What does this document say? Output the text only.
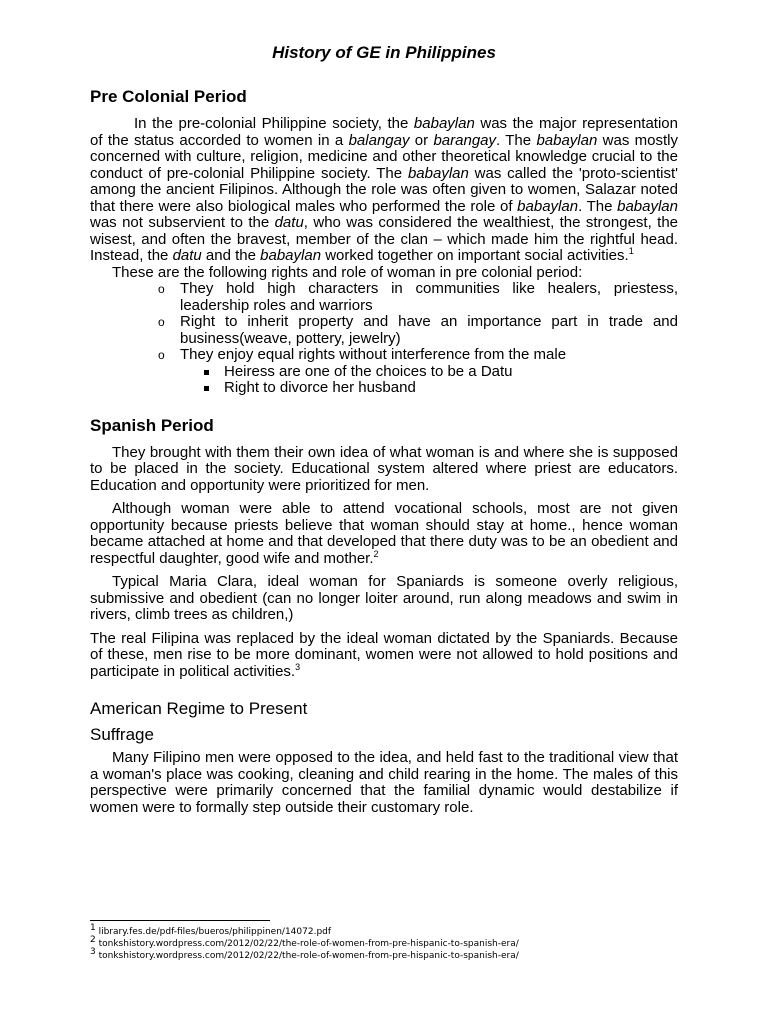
History of GE in Philippines
Pre Colonial Period

In the pre-colonial Philippine society, the babaylan was the major representation of the status accorded to women in a balangay or barangay. The babaylan was mostly concerned with culture, religion, medicine and other theoretical knowledge crucial to the conduct of pre-colonial Philippine society. The babaylan was called the 'proto-scientist' among the ancient Filipinos. Although the role was often given to women, Salazar noted that there were also biological males who performed the role of babaylan. The babaylan was not subservient to the datu, who was considered the wealthiest, the strongest, the wisest, and often the bravest, member of the clan – which made him the rightful head. Instead, the datu and the babaylan worked together on important social activities.$^1$

These are the following rights and role of woman in pre colonial period:

o They hold high characters in communities like healers, priestess, leadership roles and warriors
o Right to inherit property and have an importance part in trade and business(weave, pottery, jewelry)
o They enjoy equal rights without interference from the male
Heiress are one of the choices to be a Datu
Right to divorce her husband
Spanish Period

They brought with them their own idea of what woman is and where she is supposed to be placed in the society. Educational system altered where priest are educators. Education and opportunity were prioritized for men.

Although woman were able to attend vocational schools, most are not given opportunity because priests believe that woman should stay at home., hence woman became attached at home and that developed that there duty was to be an obedient and respectful daughter, good wife and mother.$^2$

Typical Maria Clara, ideal woman for Spaniards is someone overly religious, submissive and obedient (can no longer loiter around, run along meadows and swim in rivers, climb trees as children,)

The real Filipina was replaced by the ideal woman dictated by the Spaniards. Because of these, men rise to be more dominant, women were not allowed to hold positions and participate in political activities.$^3$

American Regime to Present
Suffrage

Many Filipino men were opposed to the idea, and held fast to the traditional view that a woman's place was cooking, cleaning and child rearing in the home. The males of this perspective were primarily concerned that the familial dynamic would destabilize if women were to formally step outside their customary role.

$^1$ library.fes.de/pdf-files/bueros/philippinen/14072.pdf
$^2$ tonkshistory.wordpress.com/2012/02/22/the-role-of-women-from-pre-hispanic-to-spanish-era/
$^3$ tonkshistory.wordpress.com/2012/02/22/the-role-of-women-from-pre-hispanic-to-spanish-era/
